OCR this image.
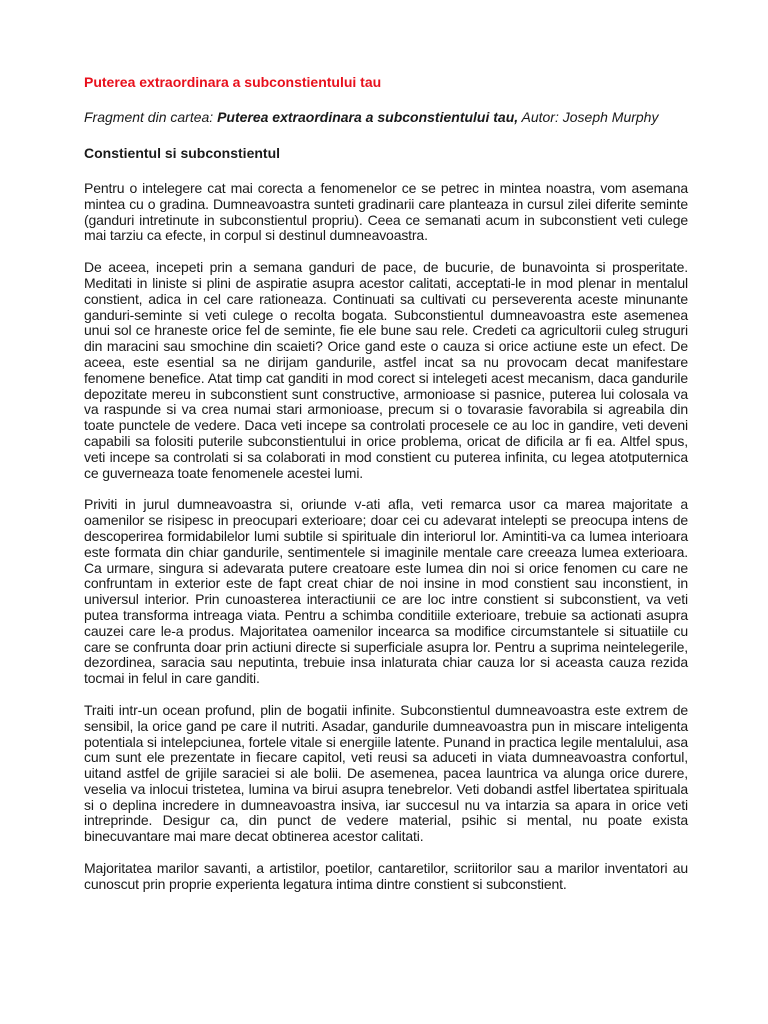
Puterea extraordinara a subconstientului tau
Fragment din cartea: Puterea extraordinara a subconstientului tau, Autor: Joseph Murphy
Constientul si subconstientul

Pentru o intelegere cat mai corecta a fenomenelor ce se petrec in mintea noastra, vom asemana mintea cu o gradina. Dumneavoastra sunteti gradinarii care planteaza in cursul zilei diferite seminte (ganduri intretinute in subconstientul propriu). Ceea ce semanati acum in subconstient veti culege mai tarziu ca efecte, in corpul si destinul dumneavoastra.

De aceea, incepeti prin a semana ganduri de pace, de bucurie, de bunavointa si prosperitate. Meditati in liniste si plini de aspiratie asupra acestor calitati, acceptati-le in mod plenar in mentalul constient, adica in cel care rationeaza. Continuati sa cultivati cu perseverenta aceste minunante ganduri-seminte si veti culege o recolta bogata. Subconstientul dumneavoastra este asemenea unui sol ce hraneste orice fel de seminte, fie ele bune sau rele. Credeti ca agricultorii culeg struguri din maracini sau smochine din scaieti? Orice gand este o cauza si orice actiune este un efect. De aceea, este esential sa ne dirijam gandurile, astfel incat sa nu provocam decat manifestare fenomene benefice. Atat timp cat ganditi in mod corect si intelegeti acest mecanism, daca gandurile depozitate mereu in subconstient sunt constructive, armonioase si pasnice, puterea lui colosala va va raspunde si va crea numai stari armonioase, precum si o tovarasie favorabila si agreabila din toate punctele de vedere. Daca veti incepe sa controlati procesele ce au loc in gandire, veti deveni capabili sa folositi puterile subconstientului in orice problema, oricat de dificila ar fi ea. Altfel spus, veti incepe sa controlati si sa colaborati in mod constient cu puterea infinita, cu legea atotputernica ce guverneaza toate fenomenele acestei lumi.

Priviti in jurul dumneavoastra si, oriunde v-ati afla, veti remarca usor ca marea majoritate a oamenilor se risipesc in preocupari exterioare; doar cei cu adevarat intelepti se preocupa intens de descoperirea formidabilelor lumi subtile si spirituale din interiorul lor. Amintiti-va ca lumea interioara este formata din chiar gandurile, sentimentele si imaginile mentale care creeaza lumea exterioara. Ca urmare, singura si adevarata putere creatoare este lumea din noi si orice fenomen cu care ne confruntam in exterior este de fapt creat chiar de noi insine in mod constient sau inconstient, in universul interior. Prin cunoasterea interactiunii ce are loc intre constient si subconstient, va veti putea transforma intreaga viata. Pentru a schimba conditiile exterioare, trebuie sa actionati asupra cauzei care le-a produs. Majoritatea oamenilor incearca sa modifice circumstantele si situatiile cu care se confrunta doar prin actiuni directe si superficiale asupra lor. Pentru a suprima neintelegerile, dezordinea, saracia sau neputinta, trebuie insa inlaturata chiar cauza lor si aceasta cauza rezida tocmai in felul in care ganditi.

Traiti intr-un ocean profund, plin de bogatii infinite. Subconstientul dumneavoastra este extrem de sensibil, la orice gand pe care il nutriti. Asadar, gandurile dumneavoastra pun in miscare inteligenta potentiala si intelepciunea, fortele vitale si energiile latente. Punand in practica legile mentalului, asa cum sunt ele prezentate in fiecare capitol, veti reusi sa aduceti in viata dumneavoastra confortul, uitand astfel de grijile saraciei si ale bolii. De asemenea, pacea launtrica va alunga orice durere, veselia va inlocui tristetea, lumina va birui asupra tenebrelor. Veti dobandi astfel libertatea spirituala si o deplina incredere in dumneavoastra insiva, iar succesul nu va intarzia sa apara in orice veti intreprinde. Desigur ca, din punct de vedere material, psihic si mental, nu poate exista binecuvantare mai mare decat obtinerea acestor calitati.

Majoritatea marilor savanti, a artistilor, poetilor, cantaretilor, scriitorilor sau a marilor inventatori au cunoscut prin proprie experienta legatura intima dintre constient si subconstient.
